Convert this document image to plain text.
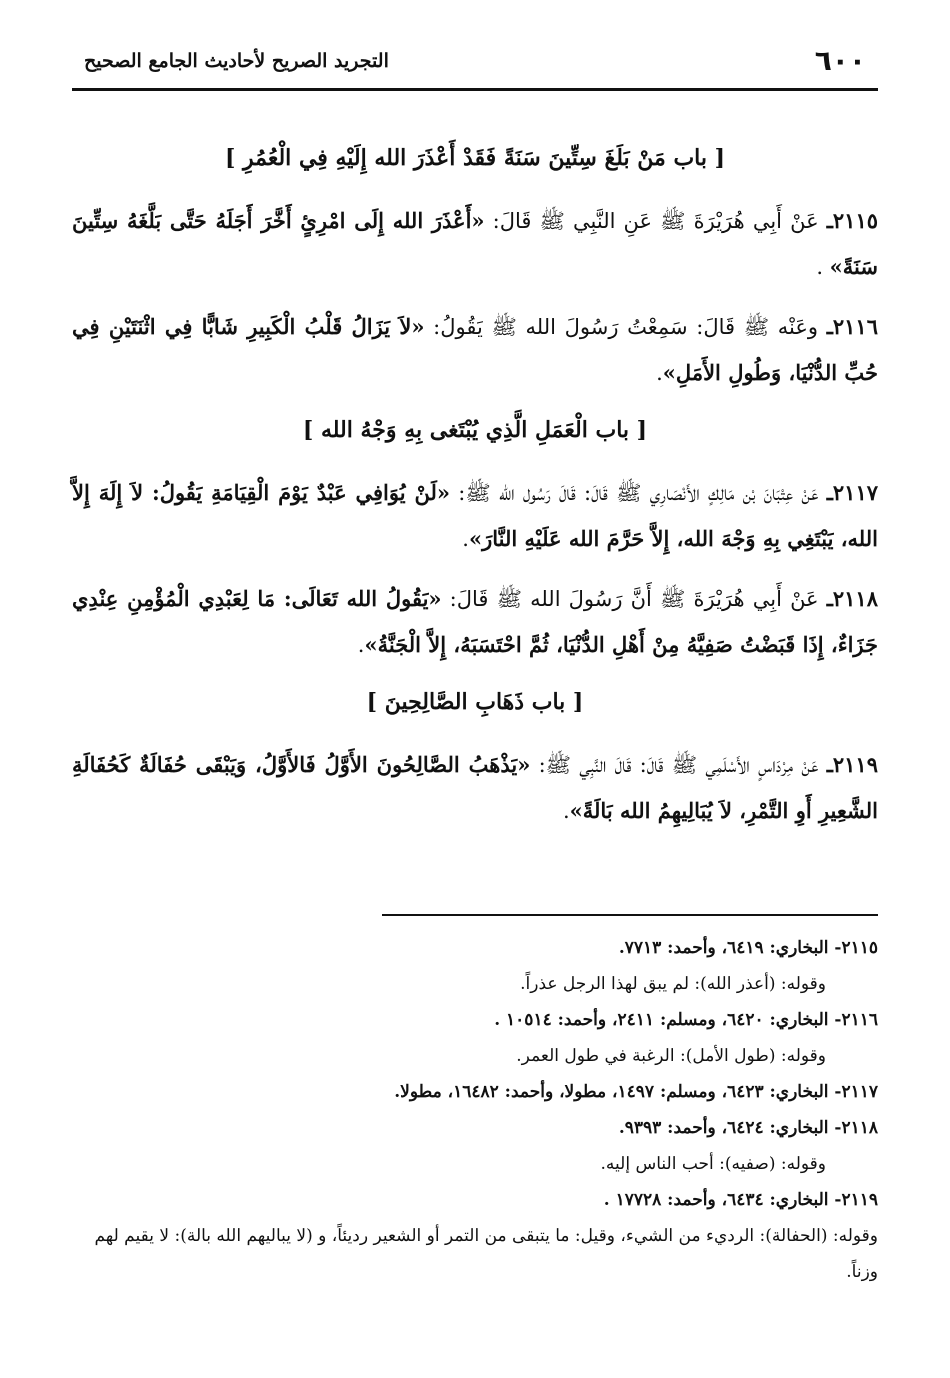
٦٠٠
التجريد الصريح لأحاديث الجامع الصحيح
[ باب مَنْ بَلَغَ سِتِّينَ سَنَةً فَقَدْ أَعْذَرَ الله إِلَيْهِ فِي الْعُمُرِ ]

٢١١٥ـ عَنْ أَبِي هُرَيْرَةَ ﷺ عَنِ النَّبِي ﷺ قَالَ: «أَعْذَرَ الله إِلَى امْرِئٍ أَخَّرَ أَجَلَهُ حَتَّى بَلَّغَهُ سِتِّينَ سَنَةً» .

٢١١٦ـ وعَنْه ﷺ قَالَ: سَمِعْتُ رَسُولَ الله ﷺ يَقُولُ: «لاَ يَزَالُ قَلْبُ الْكَبِيرِ شَابًّا فِي اثْنَتَيْنِ فِي حُبِّ الدُّنْيَا، وَطُولِ الأَمَلِ».

[ باب الْعَمَلِ الَّذِي يُبْتَغى بِهِ وَجْهُ الله ]

٢١١٧ـ عَنْ عِتْبَانَ بْن مَالِكٍ الأَنْصَارِي ﷺ قَالَ: قَالَ رَسُول الله ﷺ: «لَنْ يُوَافِي عَبْدٌ يَوْمَ الْقِيَامَةِ يَقُولُ: لاَ إِلَهَ إِلاَّ الله، يَبْتَغِي بِهِ وَجْهَ الله، إِلاَّ حَرَّمَ الله عَلَيْهِ النَّارَ».

٢١١٨ـ عَنْ أَبِي هُرَيْرَةَ ﷺ أَنَّ رَسُولَ الله ﷺ قَالَ: «يَقُولُ الله تَعَالَى: مَا لِعَبْدِي الْمُؤْمِنِ عِنْدِي جَزَاءٌ، إِذَا قَبَضْتُ صَفِيَّهُ مِنْ أَهْلِ الدُّنْيَا، ثُمَّ احْتَسَبَهُ، إِلاَّ الْجَنَّةُ».

[ باب ذَهَابِ الصَّالِحِينَ ]

٢١١٩ـ عَنْ مِرْدَاسٍ الأَسْلَمِي ﷺ قَالَ: قَالَ النَّبِي ﷺ: «يَذْهَبُ الصَّالِحُونَ الأَوَّلُ فَالأَوَّلُ، وَيَبْقَى حُفَالَةٌ كَحُفَالَةِ الشَّعِيرِ أَوِ التَّمْرِ، لاَ يُبَالِيهِمُ الله بَالَةً».

٢١١٥- البخاري: ٦٤١٩، وأحمد: ٧٧١٣.

وقوله: (أعذر الله): لم يبق لهذا الرجل عذراً.

٢١١٦- البخاري: ٦٤٢٠، ومسلم: ٢٤١١، وأحمد: ١٠٥١٤ .

وقوله: (طول الأمل): الرغبة في طول العمر.

٢١١٧- البخاري: ٦٤٢٣، ومسلم: ١٤٩٧، مطولا، وأحمد: ١٦٤٨٢، مطولا.

٢١١٨- البخاري: ٦٤٢٤، وأحمد: ٩٣٩٣.

وقوله: (صفيه): أحب الناس إليه.

٢١١٩- البخاري: ٦٤٣٤، وأحمد: ١٧٧٢٨ .

وقوله: (الحفالة): الرديء من الشيء، وقيل: ما يتبقى من التمر أو الشعير رديئاً، و (لا يباليهم الله بالة): لا يقيم لهم وزناً.
